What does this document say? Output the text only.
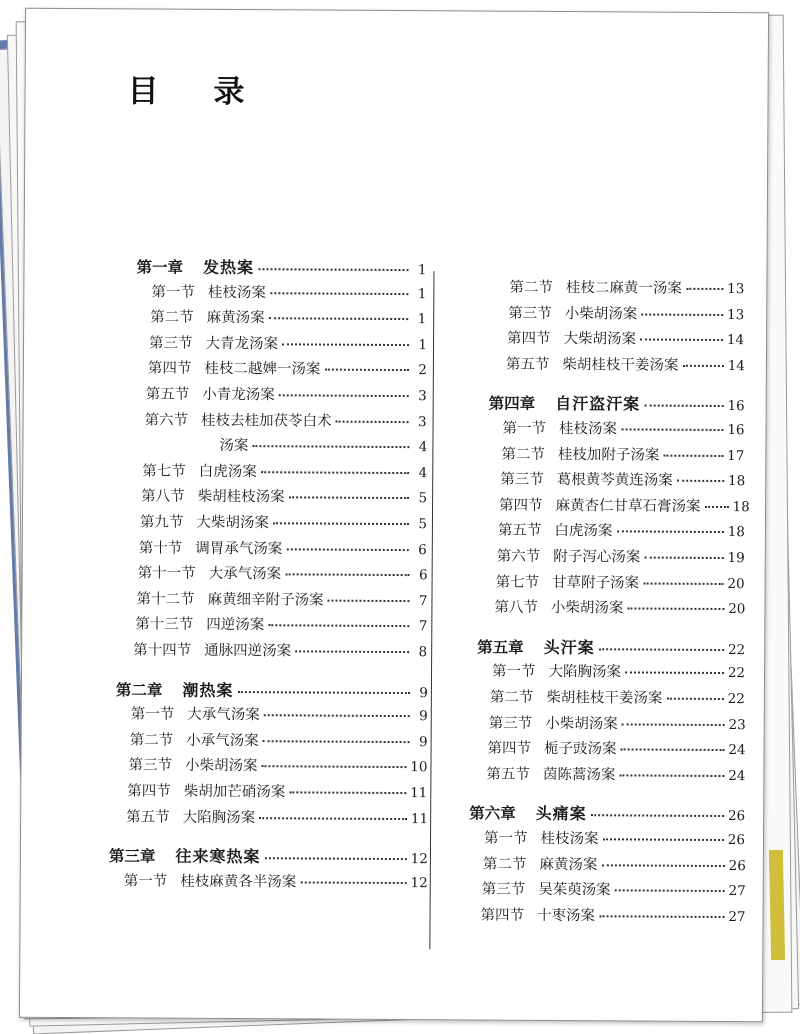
目 录
第一章 发热案	1
第一节 桂枝汤案	1
第二节 麻黄汤案	1
第三节 大青龙汤案	1
第四节 桂枝二越婢一汤案	2
第五节 小青龙汤案	3
第六节 桂枝去桂加茯苓白术	3
汤案	4
第七节 白虎汤案	4
第八节 柴胡桂枝汤案	5
第九节 大柴胡汤案	5
第十节 调胃承气汤案	6
第十一节 大承气汤案	6
第十二节 麻黄细辛附子汤案	7
第十三节 四逆汤案	7
第十四节 通脉四逆汤案	8
第二章 潮热案	9
第一节 大承气汤案	9
第二节 小承气汤案	9
第三节 小柴胡汤案	10
第四节 柴胡加芒硝汤案	11
第五节 大陷胸汤案	11
第三章 往来寒热案	12
第一节 桂枝麻黄各半汤案	12
第二节 桂枝二麻黄一汤案	13
第三节 小柴胡汤案	13
第四节 大柴胡汤案	14
第五节 柴胡桂枝干姜汤案	14
第四章 自汗盗汗案	16
第一节 桂枝汤案	16
第二节 桂枝加附子汤案	17
第三节 葛根黄芩黄连汤案	18
第四节 麻黄杏仁甘草石膏汤案 18
第五节 白虎汤案	18
第六节 附子泻心汤案	19
第七节 甘草附子汤案	20
第八节 小柴胡汤案	20
第五章 头汗案	22
第一节 大陷胸汤案	22
第二节 柴胡桂枝干姜汤案	22
第三节 小柴胡汤案	23
第四节 栀子豉汤案	24
第五节 茵陈蒿汤案	24
第六章 头痛案	26
第一节 桂枝汤案	26
第二节 麻黄汤案	26
第三节 吴茱萸汤案	27
第四节 十枣汤案	27
